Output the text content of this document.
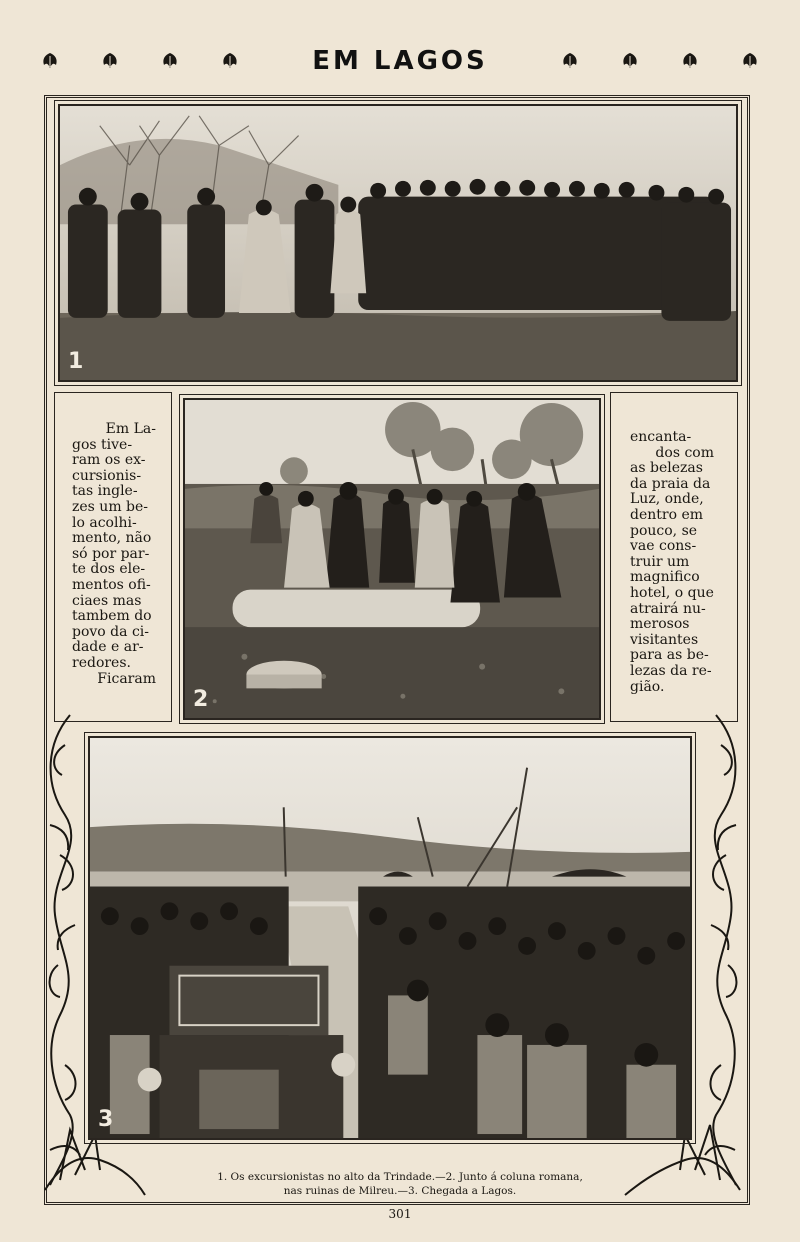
EM LAGOS
1
Em La-
gos tive-
ram os ex-
cursionis-
tas ingle-
zes um be-
lo acolhi-
mento, não
só por par-
te dos ele-
mentos ofi-
ciaes mas
tambem do
povo da ci-
dade e ar-
redores.
Ficaram
2
encanta-
dos com
as belezas
da praia da
Luz, onde,
dentro em
pouco, se
vae cons-
truir um
magnifico
hotel, o que
atrairá nu-
merosos
visitantes
para as be-
lezas da re-
gião.
3
1. Os excursionistas no alto da Trindade.—2. Junto á coluna romana,
nas ruinas de Milreu.—3. Chegada a Lagos.
301
